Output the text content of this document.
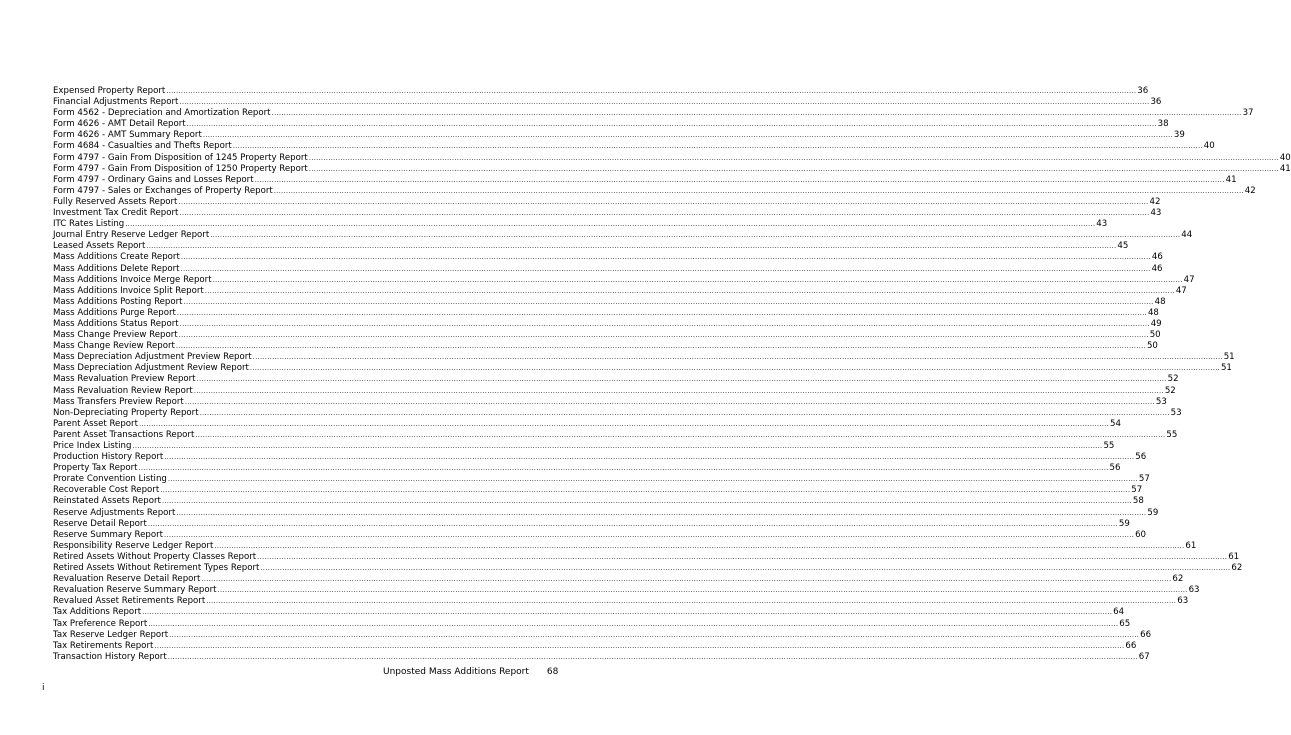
Expensed Property Report ................................................................................................................................................................................................................................................................................................................................................................................................................ 36
Financial Adjustments Report ................................................................................................................................................................................................................................................................................................................................................................................................................ 36
Form 4562 - Depreciation and Amortization Report ................................................................................................................................................................................................................................................................................................................................................................................................................ 37
Form 4626 - AMT Detail Report ................................................................................................................................................................................................................................................................................................................................................................................................................ 38
Form 4626 - AMT Summary Report ................................................................................................................................................................................................................................................................................................................................................................................................................ 39
Form 4684 - Casualties and Thefts Report ................................................................................................................................................................................................................................................................................................................................................................................................................ 40
Form 4797 - Gain From Disposition of 1245 Property Report ................................................................................................................................................................................................................................................................................................................................................................................................................ 40
Form 4797 - Gain From Disposition of 1250 Property Report ................................................................................................................................................................................................................................................................................................................................................................................................................ 41
Form 4797 - Ordinary Gains and Losses Report ................................................................................................................................................................................................................................................................................................................................................................................................................ 41
Form 4797 - Sales or Exchanges of Property Report ................................................................................................................................................................................................................................................................................................................................................................................................................ 42
Fully Reserved Assets Report ................................................................................................................................................................................................................................................................................................................................................................................................................ 42
Investment Tax Credit Report ................................................................................................................................................................................................................................................................................................................................................................................................................ 43
ITC Rates Listing ................................................................................................................................................................................................................................................................................................................................................................................................................ 43
Journal Entry Reserve Ledger Report ................................................................................................................................................................................................................................................................................................................................................................................................................ 44
Leased Assets Report ................................................................................................................................................................................................................................................................................................................................................................................................................ 45
Mass Additions Create Report ................................................................................................................................................................................................................................................................................................................................................................................................................ 46
Mass Additions Delete Report ................................................................................................................................................................................................................................................................................................................................................................................................................ 46
Mass Additions Invoice Merge Report ................................................................................................................................................................................................................................................................................................................................................................................................................ 47
Mass Additions Invoice Split Report ................................................................................................................................................................................................................................................................................................................................................................................................................ 47
Mass Additions Posting Report ................................................................................................................................................................................................................................................................................................................................................................................................................ 48
Mass Additions Purge Report ................................................................................................................................................................................................................................................................................................................................................................................................................ 48
Mass Additions Status Report ................................................................................................................................................................................................................................................................................................................................................................................................................ 49
Mass Change Preview Report ................................................................................................................................................................................................................................................................................................................................................................................................................ 50
Mass Change Review Report ................................................................................................................................................................................................................................................................................................................................................................................................................ 50
Mass Depreciation Adjustment Preview Report ................................................................................................................................................................................................................................................................................................................................................................................................................ 51
Mass Depreciation Adjustment Review Report ................................................................................................................................................................................................................................................................................................................................................................................................................ 51
Mass Revaluation Preview Report ................................................................................................................................................................................................................................................................................................................................................................................................................ 52
Mass Revaluation Review Report ................................................................................................................................................................................................................................................................................................................................................................................................................ 52
Mass Transfers Preview Report ................................................................................................................................................................................................................................................................................................................................................................................................................ 53
Non-Depreciating Property Report ................................................................................................................................................................................................................................................................................................................................................................................................................ 53
Parent Asset Report ................................................................................................................................................................................................................................................................................................................................................................................................................ 54
Parent Asset Transactions Report ................................................................................................................................................................................................................................................................................................................................................................................................................ 55
Price Index Listing ................................................................................................................................................................................................................................................................................................................................................................................................................ 55
Production History Report ................................................................................................................................................................................................................................................................................................................................................................................................................ 56
Property Tax Report ................................................................................................................................................................................................................................................................................................................................................................................................................ 56
Prorate Convention Listing ................................................................................................................................................................................................................................................................................................................................................................................................................ 57
Recoverable Cost Report ................................................................................................................................................................................................................................................................................................................................................................................................................ 57
Reinstated Assets Report ................................................................................................................................................................................................................................................................................................................................................................................................................ 58
Reserve Adjustments Report ................................................................................................................................................................................................................................................................................................................................................................................................................ 59
Reserve Detail Report ................................................................................................................................................................................................................................................................................................................................................................................................................ 59
Reserve Summary Report ................................................................................................................................................................................................................................................................................................................................................................................................................ 60
Responsibility Reserve Ledger Report ................................................................................................................................................................................................................................................................................................................................................................................................................ 61
Retired Assets Without Property Classes Report ................................................................................................................................................................................................................................................................................................................................................................................................................ 61
Retired Assets Without Retirement Types Report ................................................................................................................................................................................................................................................................................................................................................................................................................ 62
Revaluation Reserve Detail Report ................................................................................................................................................................................................................................................................................................................................................................................................................ 62
Revaluation Reserve Summary Report ................................................................................................................................................................................................................................................................................................................................................................................................................ 63
Revalued Asset Retirements Report ................................................................................................................................................................................................................................................................................................................................................................................................................ 63
Tax Additions Report ................................................................................................................................................................................................................................................................................................................................................................................................................ 64
Tax Preference Report ................................................................................................................................................................................................................................................................................................................................................................................................................ 65
Tax Reserve Ledger Report ................................................................................................................................................................................................................................................................................................................................................................................................................ 66
Tax Retirements Report ................................................................................................................................................................................................................................................................................................................................................................................................................ 66
Transaction History Report ................................................................................................................................................................................................................................................................................................................................................................................................................ 67
Unposted Mass Additions Report 68
i
